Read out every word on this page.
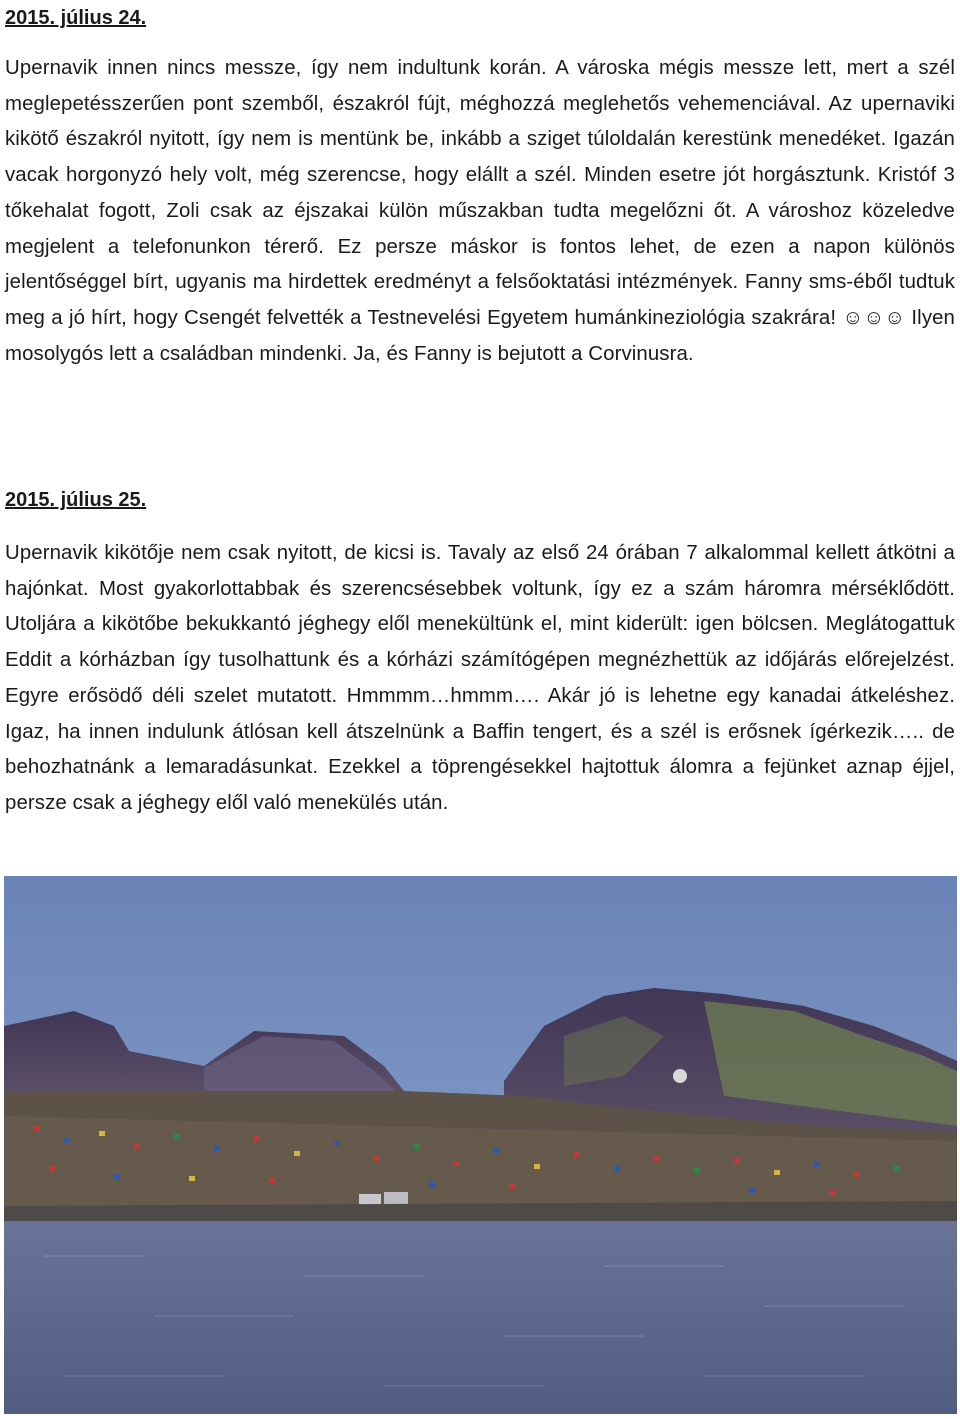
2015. július 24.

Upernavik innen nincs messze, így nem indultunk korán. A városka mégis messze lett, mert a szél meglepetésszerűen pont szemből, északról fújt, méghozzá meglehetős vehemenciával. Az upernaviki kikötő északról nyitott, így nem is mentünk be, inkább a sziget túloldalán kerestünk menedéket. Igazán vacak horgonyzó hely volt, még szerencse, hogy elállt a szél. Minden esetre jót horgásztunk. Kristóf 3 tőkehalat fogott, Zoli csak az éjszakai külön műszakban tudta megelőzni őt. A városhoz közeledve megjelent a telefonunkon térerő. Ez persze máskor is fontos lehet, de ezen a napon különös jelentőséggel bírt, ugyanis ma hirdettek eredményt a felsőoktatási intézmények. Fanny sms-éből tudtuk meg a jó hírt, hogy Csengét felvették a Testnevelési Egyetem humánkineziológia szakrára! ☺☺☺ Ilyen mosolygós lett a családban mindenki. Ja, és Fanny is bejutott a Corvinusra.

2015. július 25.

Upernavik kikötője nem csak nyitott, de kicsi is. Tavaly az első 24 órában 7 alkalommal kellett átkötni a hajónkat. Most gyakorlottabbak és szerencsésebbek voltunk, így ez a szám háromra mérséklődött. Utoljára a kikötőbe bekukkantó jéghegy elől menekültünk el, mint kiderült: igen bölcsen. Meglátogattuk Eddit a kórházban így tusolhattunk és a kórházi számítógépen megnézhettük az időjárás előrejelzést. Egyre erősödő déli szelet mutatott. Hmmmm…hmmm…. Akár jó is lehetne egy kanadai átkeléshez. Igaz, ha innen indulunk átlósan kell átszelnünk a Baffin tengert, és a szél is erősnek ígérkezik….. de behozhatnánk a lemaradásunkat. Ezekkel a töprengésekkel hajtottuk álomra a fejünket aznap éjjel, persze csak a jéghegy elől való menekülés után.
